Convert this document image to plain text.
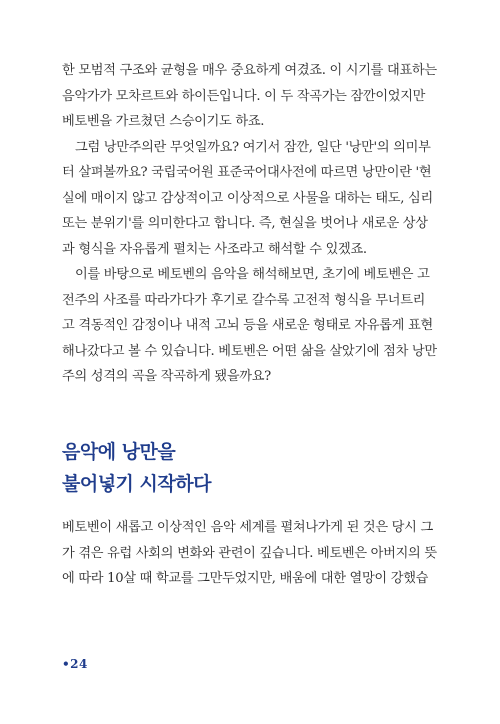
한 모범적 구조와 균형을 매우 중요하게 여겼죠. 이 시기를 대표하는
음악가가 모차르트와 하이든입니다. 이 두 작곡가는 잠깐이었지만
베토벤을 가르쳤던 스승이기도 하죠.
그럼 낭만주의란 무엇일까요? 여기서 잠깐, 일단 '낭만'의 의미부
터 살펴볼까요? 국립국어원 표준국어대사전에 따르면 낭만이란 '현
실에 매이지 않고 감상적이고 이상적으로 사물을 대하는 태도, 심리
또는 분위기'를 의미한다고 합니다. 즉, 현실을 벗어나 새로운 상상
과 형식을 자유롭게 펼치는 사조라고 해석할 수 있겠죠.
이를 바탕으로 베토벤의 음악을 해석해보면, 초기에 베토벤은 고
전주의 사조를 따라가다가 후기로 갈수록 고전적 형식을 무너트리
고 격동적인 감정이나 내적 고뇌 등을 새로운 형태로 자유롭게 표현
해나갔다고 볼 수 있습니다. 베토벤은 어떤 삶을 살았기에 점차 낭만
주의 성격의 곡을 작곡하게 됐을까요?
음악에 낭만을
불어넣기 시작하다
베토벤이 새롭고 이상적인 음악 세계를 펼쳐나가게 된 것은 당시 그
가 겪은 유럽 사회의 변화와 관련이 깊습니다. 베토벤은 아버지의 뜻
에 따라 10살 때 학교를 그만두었지만, 배움에 대한 열망이 강했습
•24
